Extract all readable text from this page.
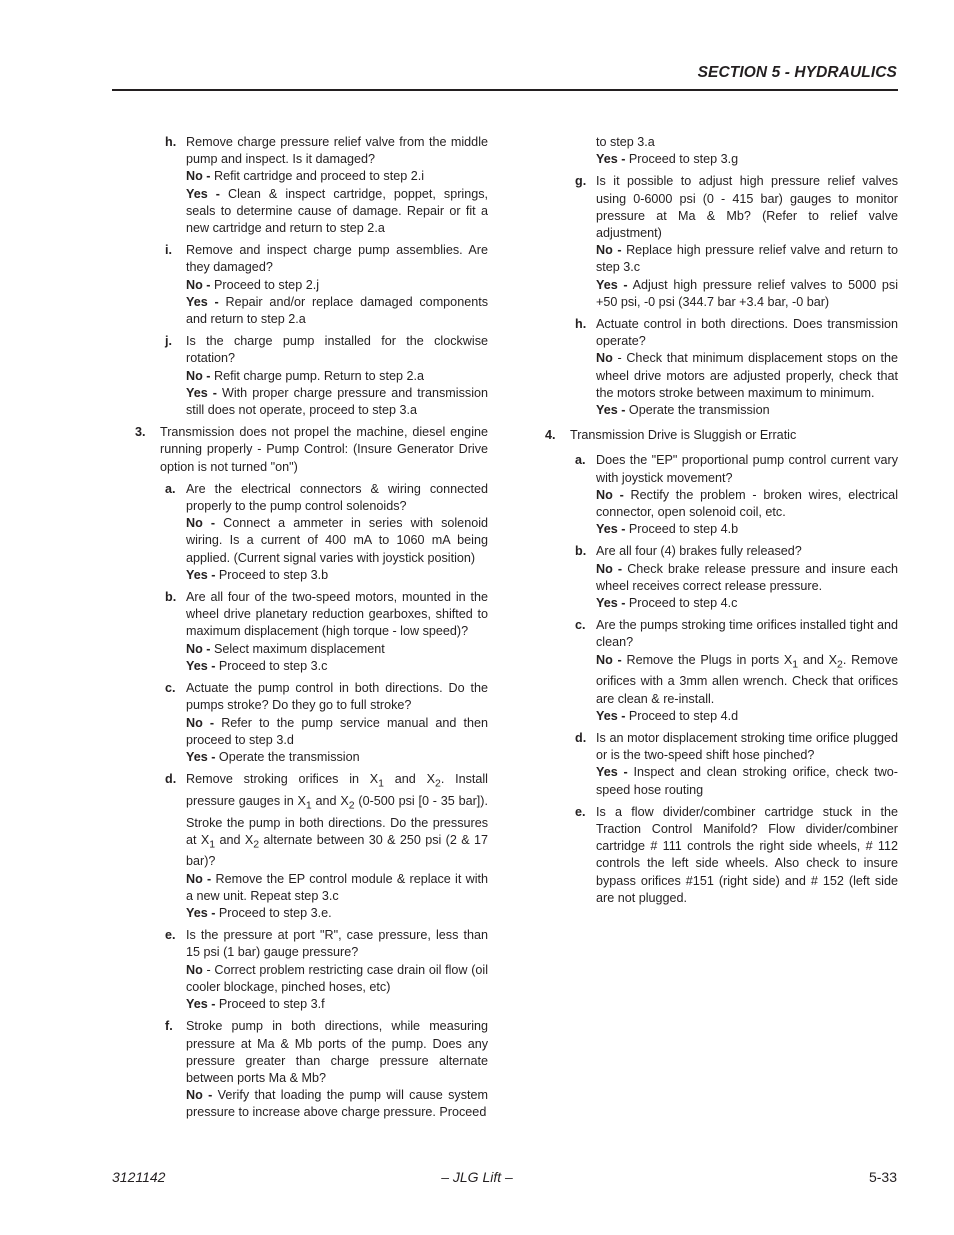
SECTION 5 - HYDRAULICS
h. Remove charge pressure relief valve from the middle pump and inspect. Is it damaged?

No - Refit cartridge and proceed to step 2.i

Yes - Clean & inspect cartridge, poppet, springs, seals to determine cause of damage. Repair or fit a new cartridge and return to step 2.a

i. Remove and inspect charge pump assemblies. Are they damaged?

No - Proceed to step 2.j

Yes - Repair and/or replace damaged components and return to step 2.a

j. Is the charge pump installed for the clockwise rotation?

No - Refit charge pump. Return to step 2.a

Yes - With proper charge pressure and transmission still does not operate, proceed to step 3.a

3. Transmission does not propel the machine, diesel engine running properly - Pump Control: (Insure Generator Drive option is not turned "on")

a. Are the electrical connectors & wiring connected properly to the pump control solenoids?

No - Connect a ammeter in series with solenoid wiring. Is a current of 400 mA to 1060 mA being applied. (Current signal varies with joystick position)

Yes - Proceed to step 3.b

b. Are all four of the two-speed motors, mounted in the wheel drive planetary reduction gearboxes, shifted to maximum displacement (high torque - low speed)?

No - Select maximum displacement

Yes - Proceed to step 3.c

c. Actuate the pump control in both directions. Do the pumps stroke? Do they go to full stroke?

No - Refer to the pump service manual and then proceed to step 3.d

Yes - Operate the transmission

d. Remove stroking orifices in $X_1$ and $X_2$. Install pressure gauges in $X_1$ and $X_2$ (0-500 psi [0 - 35 bar]). Stroke the pump in both directions. Do the pressures at $X_1$ and $X_2$ alternate between 30 & 250 psi (2 & 17 bar)?

No - Remove the EP control module & replace it with a new unit. Repeat step 3.c

Yes - Proceed to step 3.e.

e. Is the pressure at port "R", case pressure, less than 15 psi (1 bar) gauge pressure?

No - Correct problem restricting case drain oil flow (oil cooler blockage, pinched hoses, etc)

Yes - Proceed to step 3.f

f. Stroke pump in both directions, while measuring pressure at Ma & Mb ports of the pump. Does any pressure greater than charge pressure alternate between ports Ma & Mb?

No - Verify that loading the pump will cause system pressure to increase above charge pressure. Proceed

to step 3.a

Yes - Proceed to step 3.g

g. Is it possible to adjust high pressure relief valves using 0-6000 psi (0 - 415 bar) gauges to monitor pressure at Ma & Mb? (Refer to relief valve adjustment)

No - Replace high pressure relief valve and return to step 3.c

Yes - Adjust high pressure relief valves to 5000 psi +50 psi, -0 psi (344.7 bar +3.4 bar, -0 bar)

h. Actuate control in both directions. Does transmission operate?

No - Check that minimum displacement stops on the wheel drive motors are adjusted properly, check that the motors stroke between maximum to minimum.

Yes - Operate the transmission

4. Transmission Drive is Sluggish or Erratic

a. Does the "EP" proportional pump control current vary with joystick movement?

No - Rectify the problem - broken wires, electrical connector, open solenoid coil, etc.

Yes - Proceed to step 4.b

b. Are all four (4) brakes fully released?

No - Check brake release pressure and insure each wheel receives correct release pressure.

Yes - Proceed to step 4.c

c. Are the pumps stroking time orifices installed tight and clean?

No - Remove the Plugs in ports $X_1$ and $X_2$. Remove orifices with a 3mm allen wrench. Check that orifices are clean & re-install.

Yes - Proceed to step 4.d

d. Is an motor displacement stroking time orifice plugged or is the two-speed shift hose pinched?

Yes - Inspect and clean stroking orifice, check two-speed hose routing

e. Is a flow divider/combiner cartridge stuck in the Traction Control Manifold? Flow divider/combiner cartridge # 111 controls the right side wheels, # 112 controls the left side wheels. Also check to insure bypass orifices #151 (right side) and # 152 (left side are not plugged.

3121142	– JLG Lift –	5-33
